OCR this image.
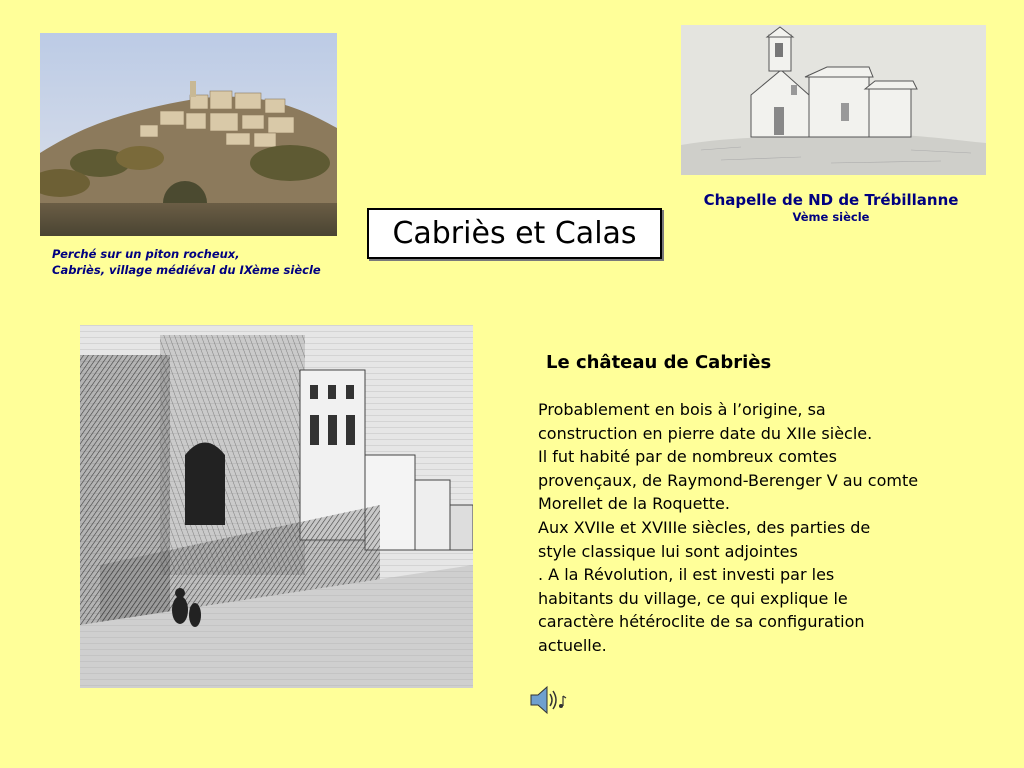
Perché sur un piton rocheux,
Cabriès, village médiéval du IXème siècle
Chapelle de ND de Trébillanne
Vème siècle
Cabriès et Calas
Le château de Cabriès
Probablement en bois à l’origine, sa
construction en pierre date du XIIe siècle.
Il fut habité par de nombreux comtes
provençaux, de Raymond-Berenger V au comte
Morellet de la Roquette.
Aux XVIIe et XVIIIe siècles, des parties de
style classique lui sont adjointes
. A la Révolution, il est investi par les
habitants du village, ce qui explique le
caractère hétéroclite de sa configuration
actuelle.
